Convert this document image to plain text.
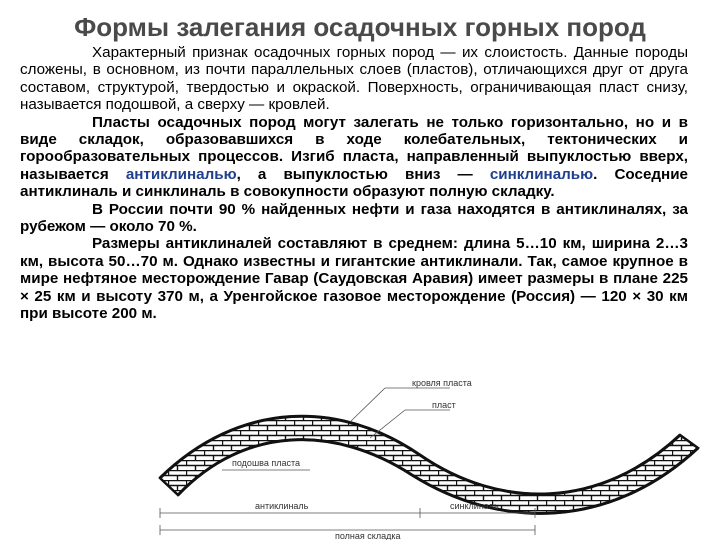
Формы залегания осадочных горных пород

Характерный признак осадочных горных пород — их слоистость. Данные породы сложены, в основном, из почти параллельных слоев (пластов), отличающихся друг от друга составом, структурой, твердостью и окраской. Поверхность, ограничивающая пласт снизу, называется подошвой, а сверху — кровлей.

Пласты осадочных пород могут залегать не только горизонтально, но и в виде складок, образовавшихся в ходе колебательных, тектонических и горообразовательных процессов. Изгиб пласта, направленный выпуклостью вверх, называется антиклиналью, а выпуклостью вниз — синклиналью. Соседние антиклиналь и синклиналь в совокупности образуют полную складку.

В России почти 90 % найденных нефти и газа находятся в антиклиналях, за рубежом — около 70 %.

Размеры антиклиналей составляют в среднем: длина 5…10 км, ширина 2…3 км, высота 50…70 м. Однако известны и гигантские антиклинали. Так, самое крупное в мире нефтяное месторождение Гавар (Саудовская Аравия) имеет размеры в плане 225 × 25 км и высоту 370 м, а Уренгойское газовое месторождение (Россия) — 120 × 30 км при высоте 200 м.

кровля пласта
пласт
подошва пласта
антиклиналь	синклиналь
полная складка
